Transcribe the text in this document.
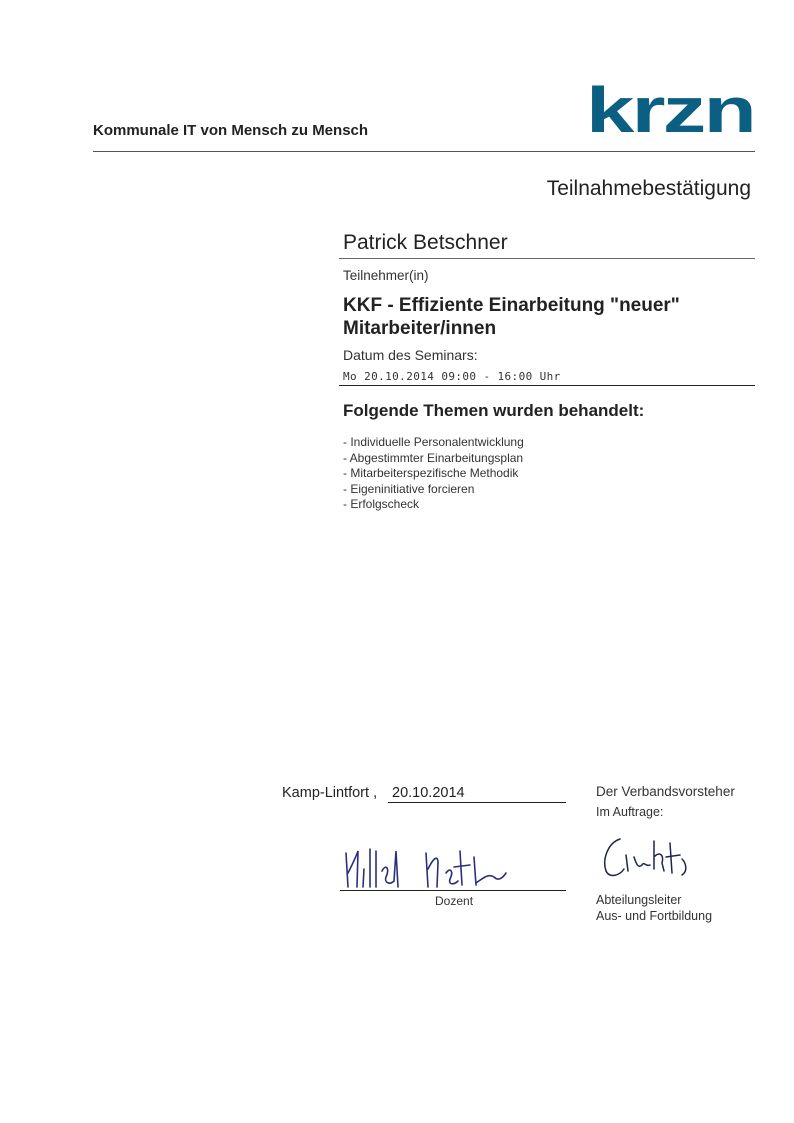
Kommunale IT von Mensch zu Mensch	krzn
Teilnahmebestätigung
Patrick Betschner
Teilnehmer(in)
KKF - Effiziente Einarbeitung "neuer" Mitarbeiter/innen
Datum des Seminars:
Mo 20.10.2014 09:00 - 16:00 Uhr
Folgende Themen wurden behandelt:
- Individuelle Personalentwicklung
- Abgestimmter Einarbeitungsplan
- Mitarbeiterspezifische Methodik
- Eigeninitiative forcieren
- Erfolgscheck
Kamp-Lintfort , 20.10.2014
Dozent
Der Verbandsvorsteher
Im Auftrage:
Abteilungsleiter
Aus- und Fortbildung
